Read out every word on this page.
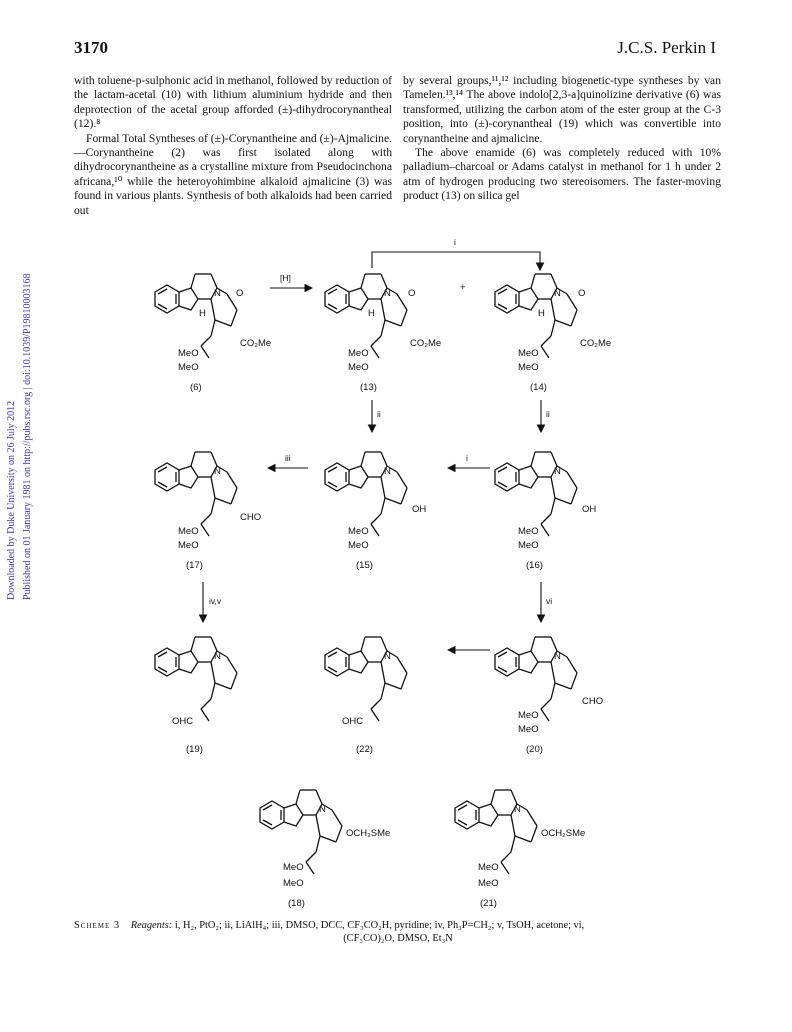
3170	J.C.S. Perkin I

with toluene-p-sulphonic acid in methanol, followed by reduction of the lactam-acetal (10) with lithium aluminium hydride and then deprotection of the acetal group afforded (±)-dihydrocorynantheal (12).⁸

Formal Total Syntheses of (±)-Corynantheine and (±)-Ajmalicine.—Corynantheine (2) was first isolated along with dihydrocorynantheine as a crystalline mixture from Pseudocinchona africana,¹⁰ while the heteroyohimbine alkaloid ajmalicine (3) was found in various plants. Synthesis of both alkaloids had been carried out

by several groups,¹¹,¹² including biogenetic-type syntheses by van Tamelen.¹³,¹⁴ The above indolo[2,3-a]quinolizine derivative (6) was transformed, utilizing the carbon atom of the ester group at the C-3 position, into (±)-corynantheal (19) which was convertible into corynantheine and ajmalicine.

The above enamide (6) was completely reduced with 10% palladium–charcoal or Adams catalyst in methanol for 1 h under 2 atm of hydrogen producing two stereoisomers. The faster-moving product (13) on silica gel

Downloaded by Duke University on 26 July 2012 Published on 01 January 1981 on http://pubs.rsc.org | doi:10.1039/P19810003168	N
H
O
CO₂Me
MeO
MeO
N
H
O
CO₂Me
MeO
MeO
+
N
H
O
CO₂Me
MeO
MeO
N
CHO
MeO
MeO
N
OH
MeO
MeO
N
OH
MeO
MeO
N
OHC
N
OHC
N
CHO
MeO
MeO
N
OCH₂SMe
MeO
MeO
N
OCH₂SMe
MeO
MeO
(6)	(13)	(14)
(17)	(15)	(16)
(19)	(22)	(20)
(18)	(21)
[H]
i
ii	ii
iii	i
iv,v	vi
Scheme 3 Reagents: i, H₂, PtO₂; ii, LiAlH₄; iii, DMSO, DCC, CF₃CO₂H, pyridine; iv, Ph₃P=CH₂; v, TsOH, acetone; vi,
(CF₃CO)₂O, DMSO, Et₃N
